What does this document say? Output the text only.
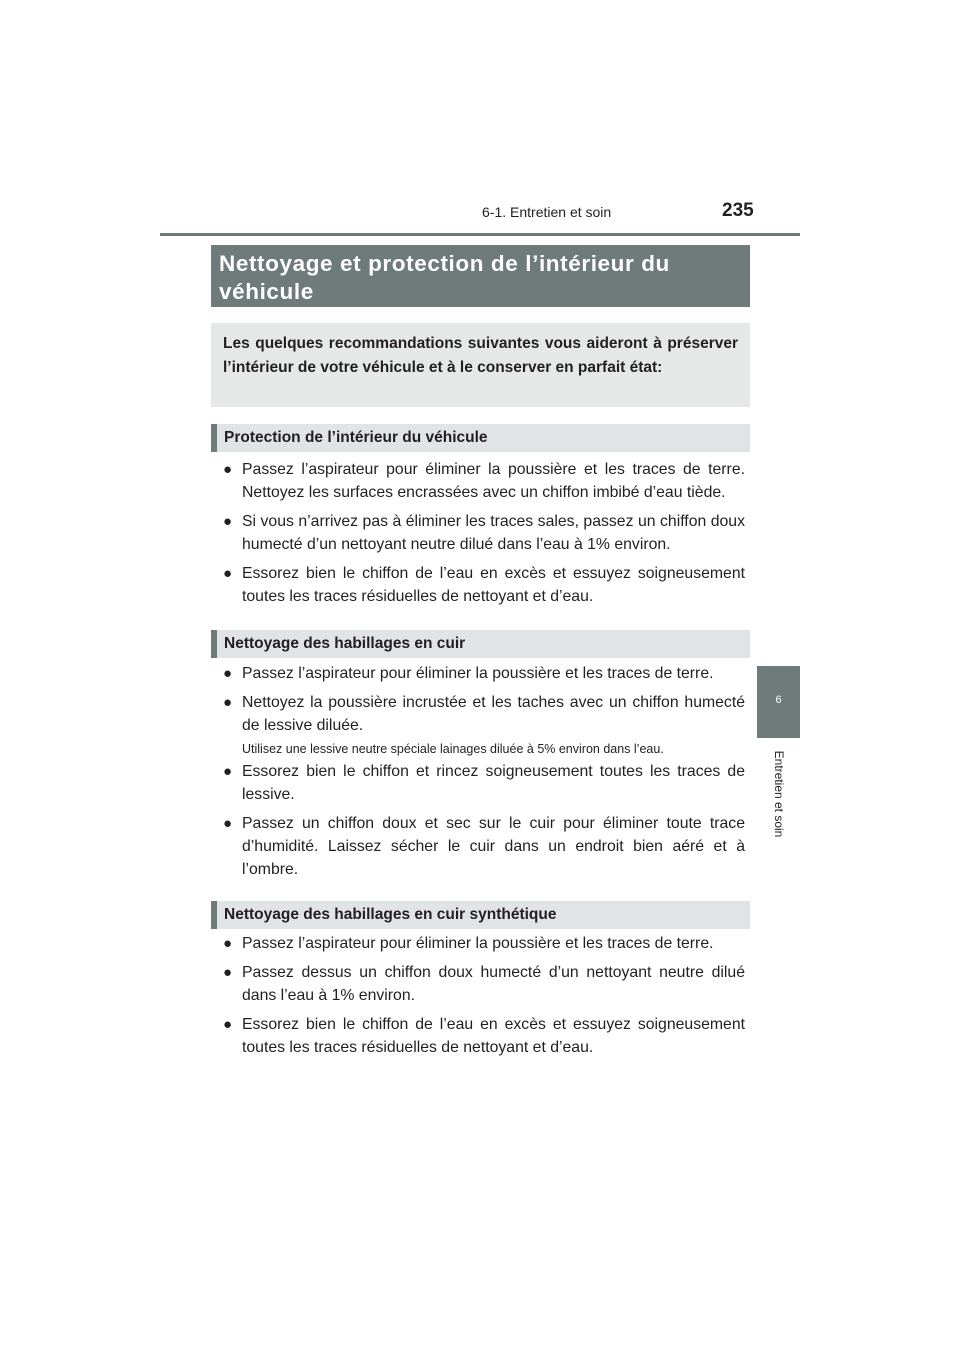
6-1. Entretien et soin	235
6
Entretien et soin
Nettoyage et protection de l’intérieur du véhicule
Les quelques recommandations suivantes vous aideront à préserver l’intérieur de votre véhicule et à le conserver en parfait état:
Protection de l’intérieur du véhicule
● Passez l’aspirateur pour éliminer la poussière et les traces de terre. Nettoyez les surfaces encrassées avec un chiffon imbibé d’eau tiède.
● Si vous n’arrivez pas à éliminer les traces sales, passez un chiffon doux humecté d’un nettoyant neutre dilué dans l’eau à 1% environ.
● Essorez bien le chiffon de l’eau en excès et essuyez soigneusement toutes les traces résiduelles de nettoyant et d’eau.
Nettoyage des habillages en cuir
● Passez l’aspirateur pour éliminer la poussière et les traces de terre.
● Nettoyez la poussière incrustée et les taches avec un chiffon humecté de lessive diluée.
Utilisez une lessive neutre spéciale lainages diluée à 5% environ dans l’eau.
● Essorez bien le chiffon et rincez soigneusement toutes les traces de lessive.
● Passez un chiffon doux et sec sur le cuir pour éliminer toute trace d’humidité. Laissez sécher le cuir dans un endroit bien aéré et à l’ombre.
Nettoyage des habillages en cuir synthétique
● Passez l’aspirateur pour éliminer la poussière et les traces de terre.
● Passez dessus un chiffon doux humecté d’un nettoyant neutre dilué dans l’eau à 1% environ.
● Essorez bien le chiffon de l’eau en excès et essuyez soigneusement toutes les traces résiduelles de nettoyant et d’eau.
